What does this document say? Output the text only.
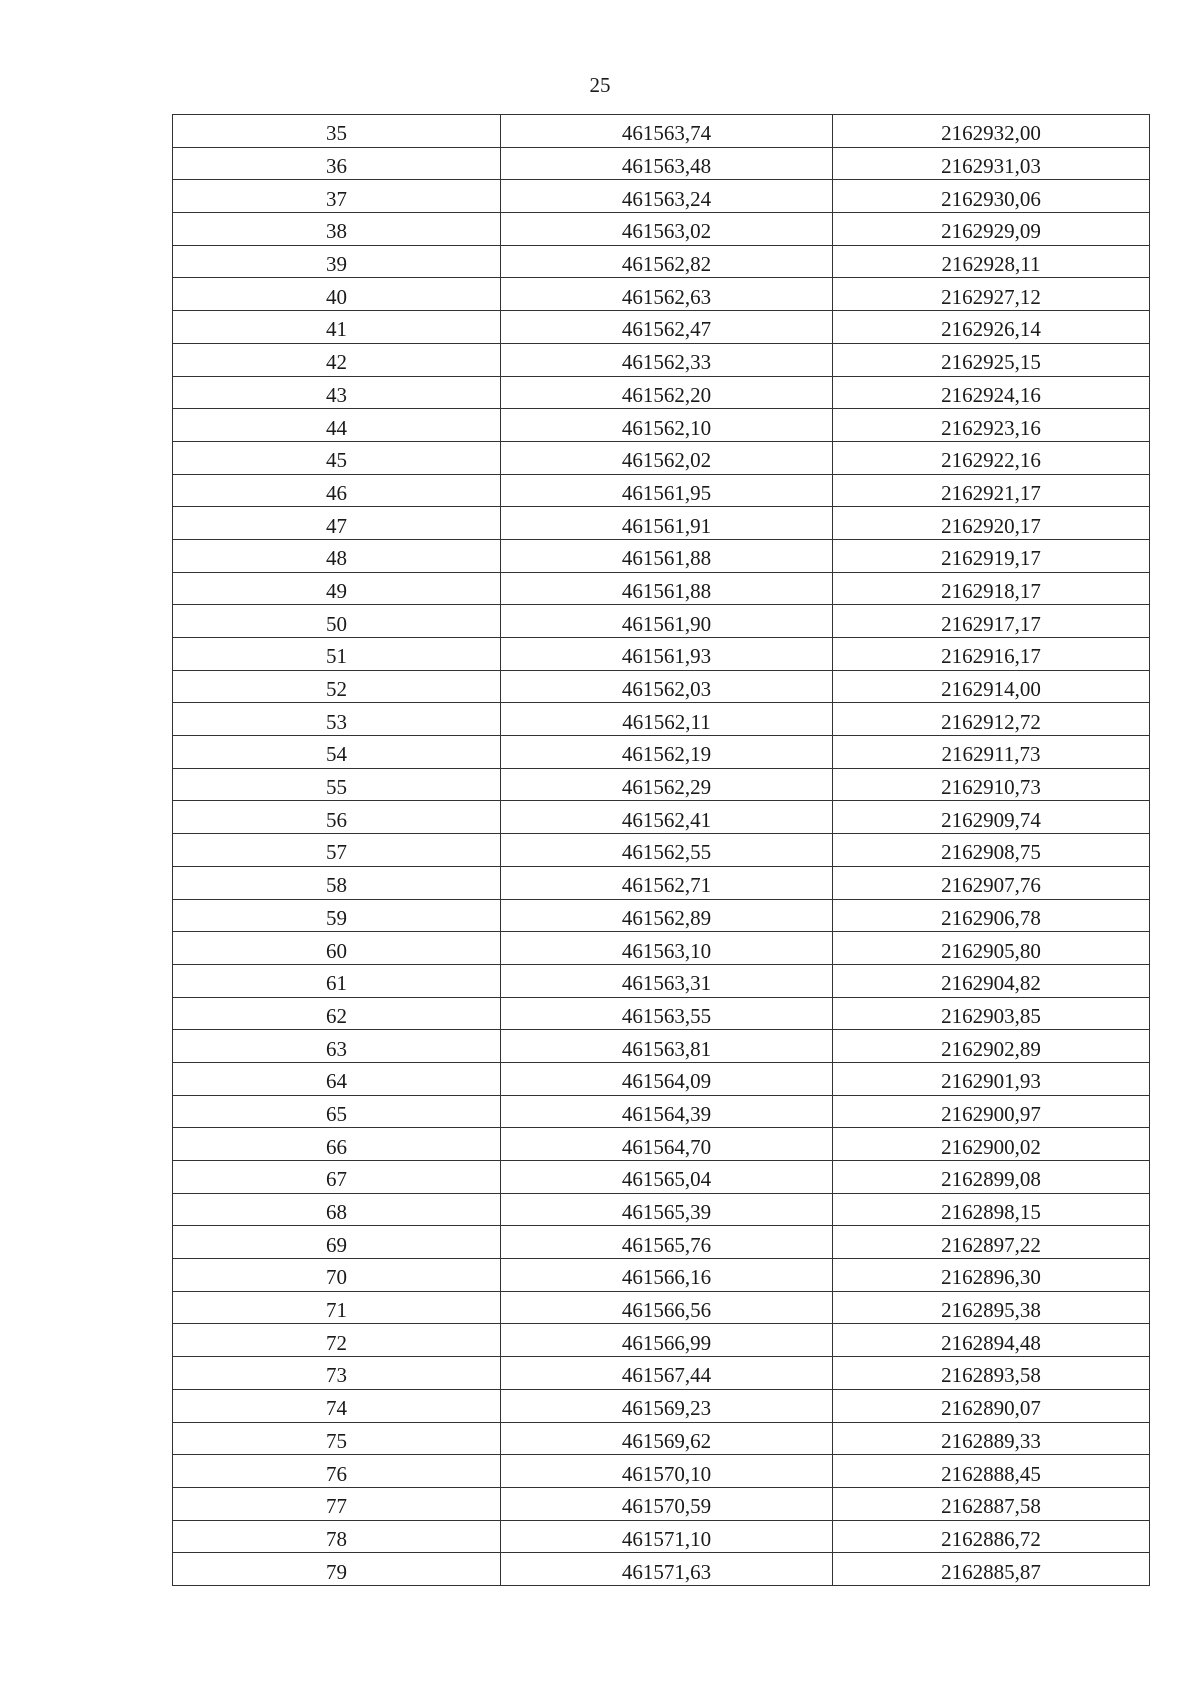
25
35	461563,74	2162932,00
36	461563,48	2162931,03
37	461563,24	2162930,06
38	461563,02	2162929,09
39	461562,82	2162928,11
40	461562,63	2162927,12
41	461562,47	2162926,14
42	461562,33	2162925,15
43	461562,20	2162924,16
44	461562,10	2162923,16
45	461562,02	2162922,16
46	461561,95	2162921,17
47	461561,91	2162920,17
48	461561,88	2162919,17
49	461561,88	2162918,17
50	461561,90	2162917,17
51	461561,93	2162916,17
52	461562,03	2162914,00
53	461562,11	2162912,72
54	461562,19	2162911,73
55	461562,29	2162910,73
56	461562,41	2162909,74
57	461562,55	2162908,75
58	461562,71	2162907,76
59	461562,89	2162906,78
60	461563,10	2162905,80
61	461563,31	2162904,82
62	461563,55	2162903,85
63	461563,81	2162902,89
64	461564,09	2162901,93
65	461564,39	2162900,97
66	461564,70	2162900,02
67	461565,04	2162899,08
68	461565,39	2162898,15
69	461565,76	2162897,22
70	461566,16	2162896,30
71	461566,56	2162895,38
72	461566,99	2162894,48
73	461567,44	2162893,58
74	461569,23	2162890,07
75	461569,62	2162889,33
76	461570,10	2162888,45
77	461570,59	2162887,58
78	461571,10	2162886,72
79	461571,63	2162885,87
